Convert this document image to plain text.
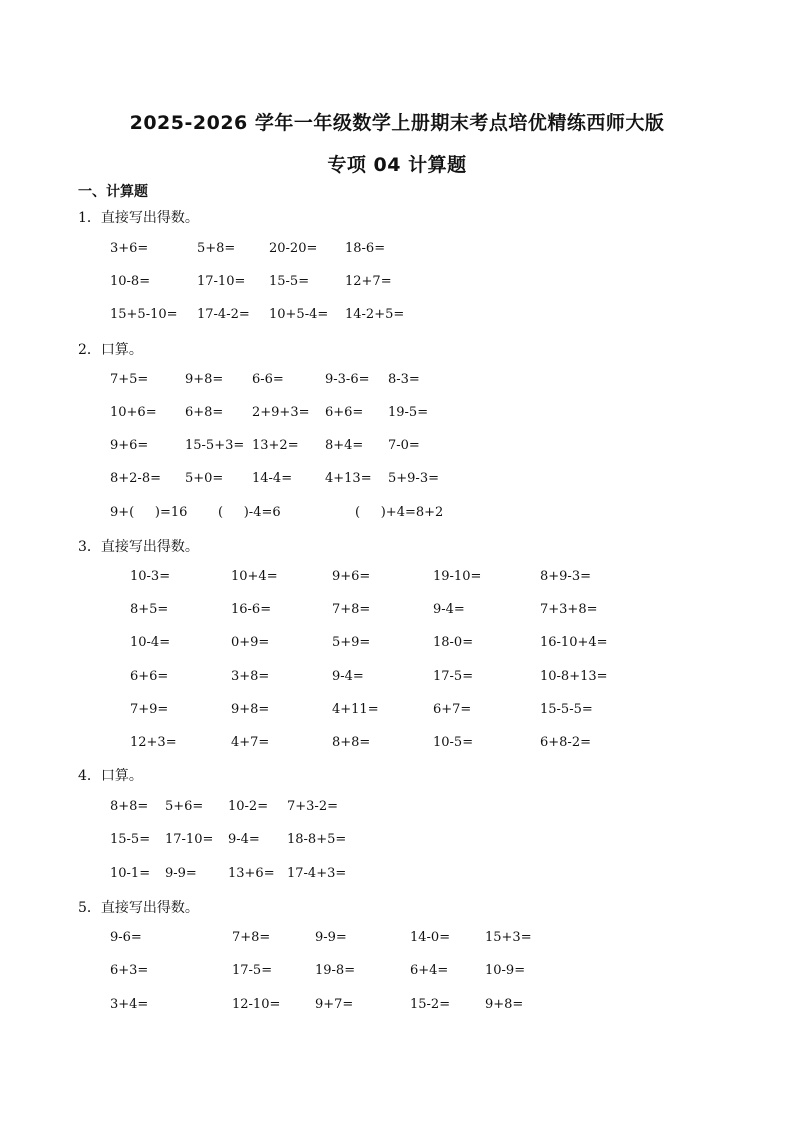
2025-2026 学年一年级数学上册期末考点培优精练西师大版
专项 04 计算题
一、计算题
1．直接写出得数。
3+6=	5+8=	20-20= 18-6=
10-8=	17-10= 15-5=	12+7=
15+5-10= 17-4-2= 10+5-4= 14-2+5=
2．口算。
7+5=	9+8= 6-6=	9-3-6= 8-3=
10+6= 6+8= 2+9+3= 6+6= 19-5=
9+6=	15-5+3= 13+2= 8+4= 7-0=
8+2-8= 5+0= 14-4=	4+13= 5+9-3=
9+(     )=16 (     )-4=6	(     )+4=8+2
3．直接写出得数。
10-3=	10+4=	9+6=	19-10=	8+9-3=
8+5=	16-6=	7+8=	9-4=	7+3+8=
10-4=	0+9=	5+9=	18-0=	16-10+4=
6+6=	3+8=	9-4=	17-5=	10-8+13=
7+9=	9+8=	4+11=	6+7=	15-5-5=
12+3=	4+7=	8+8=	10-5=	6+8-2=
4．口算。
8+8= 5+6= 10-2= 7+3-2=
15-5= 17-10= 9-4= 18-8+5=
10-1= 9-9= 13+6= 17-4+3=
5．直接写出得数。
9-6=	7+8=	9-9=	14-0=	15+3=
6+3=	17-5=	19-8=	6+4=	10-9=
3+4=	12-10=	9+7=	15-2=	9+8=
